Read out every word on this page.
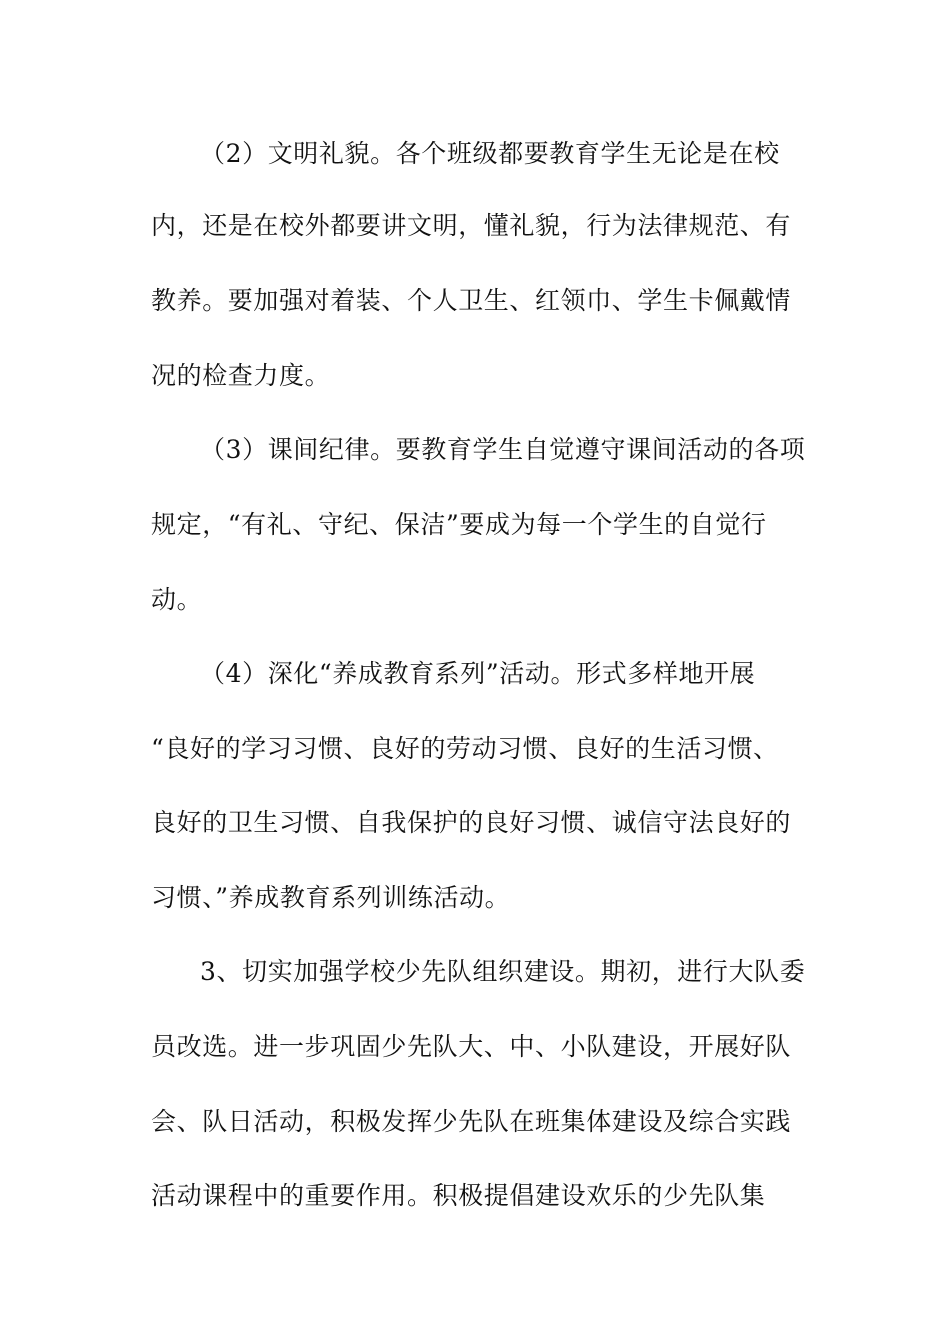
（2）文明礼貌。各个班级都要教育学生无论是在校
内，还是在校外都要讲文明，懂礼貌，行为法律规范、有
教养。要加强对着装、个人卫生、红领巾、学生卡佩戴情
况的检查力度。
（3）课间纪律。要教育学生自觉遵守课间活动的各项
规定，“有礼、守纪、保洁”要成为每一个学生的自觉行
动。
（4）深化“养成教育系列”活动。形式多样地开展
“良好的学习习惯、良好的劳动习惯、良好的生活习惯、
良好的卫生习惯、自我保护的良好习惯、诚信守法良好的
习惯、”养成教育系列训练活动。
3、切实加强学校少先队组织建设。期初，进行大队委
员改选。进一步巩固少先队大、中、小队建设，开展好队
会、队日活动，积极发挥少先队在班集体建设及综合实践
活动课程中的重要作用。积极提倡建设欢乐的少先队集
